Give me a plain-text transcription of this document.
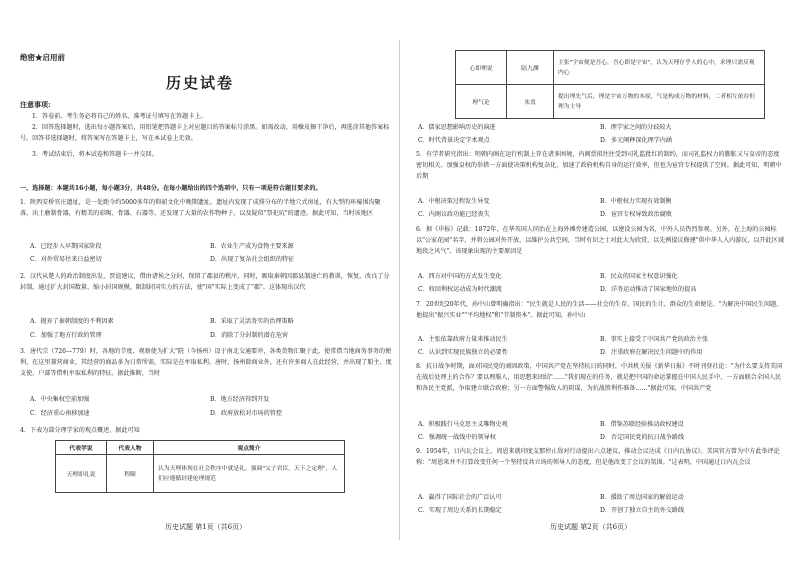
绝密★启用前
历史试卷
注意事项:
1．答卷前，考生务必将自己的姓名、准考证号填写在答题卡上。
2．回答选择题时，选出每小题答案后，用铅笔把答题卡上对应题目的答案标号涂黑。如需改动，用橡皮擦干净后，再选涂其他答案标号。回答非选择题时，将答案写在答题卡上，写在本试卷上无效。
3．考试结束后，将本试卷和答题卡一并交回。
一、选择题：本题共16小题，每小题3分，共48分。在每小题给出的四个选项中，只有一项是符合题目要求的。
1．陕西安桥官庄遗址，是一处距今约5000多年的仰韶文化中晚期遗址。遗址内发现了成排分布的半地穴式房址，有大型的环壕围沟聚落，出土磨制骨器，有精美的彩陶、骨器、石器等，还发现了大量的农作物种子，以及疑似"祭祀坑"的遗迹。据此可知，当时该地区
A．已经步入早期国家阶段	B．农业生产成为食物主要来源
C．对外贸易往来日益密切	D．出现了复杂社会组织的特征
2．汉代从楚人的政治制度出发，贾谊建议，借由诸侯之分封，保留了郡县的秩序，同时，吸取秦朝因郡县制速亡的教训，恢复、改良了分封制，通过扩大封国数量、缩小封国规模、限制封国实力的方法，使"国"实际上变成了"郡"。这体现出汉代
A．抛弃了秦朝制度的不利因素	B．采取了灵活务实的治理策略
C．加强了地方行政的管理	D．消除了分封制的潜在危害
3．唐代宗（726—779）时，各地的节度、观察使为扩大"院（今扬州）设于南北交通要冲，各类货物汇聚于此，使常借当地商务事务的便利，在这里兼营商业，其经营的商品多为日常所需，实际是在牟取私利。唐时，扬州除商业外，还有许多商人在此经营，并出现了船主、度支使、户部等借机牟取私利的特征。据此推断，当时
A．中央集权空前加强	B．地方经济得到开发
C．经济重心南移加速	D．政府放松对市场的管控
4．下表为部分理学家的观点概述，据此可知
代表学说	代表人物	观点简介
天理即礼说	程颐	认为天理体现在社会秩序中就是礼，强调"父子君臣，天下之定理"，人们应遵循封建伦理规范
历史试题 第1页（共6页）
心即理说	陆九渊	主张"宇宙便是吾心，吾心即是宇宙"，认为天理存乎人的心中，求理只需反观内心
理气论	朱熹	提出理先气后，理是宇宙万物的本原，气是构成万物的材料，二者相互依存但理为主导
A．儒家思想影响历史的演进	B．理学家之间的分歧较大
C．时代背景决定学术观点	D．多元阐释深化理学内涵
5．有学者研究指出：明朝内阁在运行机制上存在诸多困境，内阁票拟往往受到司礼监批红的制约，而司礼监权力的膨胀又与皇帝的态度密切相关。加强皇权的举措一方面使决策机构复杂化，加速了政府机构自身的运行效率，但也为宦官专权提供了空间。据此可知，明朝中后期
A．中枢决策过程发生异变	B．中枢权力实现有效制衡
C．内阁议政功能已经丧失	D．宦官专权导致政治腐败
6．据《申报》记载：1872年，在华英国人同治在上海外滩旁建造公园，以建设公园为名，中外人员热烈参观。另外，在上海的公园标以"公家花园"名字，并将公园对外开放，以维护公共空间，当时有识之士对此大为欣赏，以先例提议修建"供中华人入内游玩，以开此区域地段之风气"。该现象出现的主要原因是
A．西方对中国的方式发生变化	B．民众的国家主权意识强化
C．收回利权运动成为时代潮流	D．洋务运动推动了国家地位的提高
7．20世纪20年代，孙中山曾明确指出："民生就是人民的生活——社会的生存、国民的生计、群众的生命便是。"为解决中国民生问题，他提出"振兴实业""平均地权"和"节制资本"。据此可知，孙中山
A．主张依靠政府力量来推动民生	B．事实上接受了中国共产党的政治主张
C．认识到实现民族独立的必要性	D．注重政府在解决民生问题中的作用
8．抗日战争时期，面对国民党的顽固政策，中国共产党在坚持抗日的同时，中共机关报《新华日报》不时刊登社论："为什么要支持美国在战后处理上的合作？要以理服人，用思想来团结"……"我们现在的任务，就是把中国的命运掌握在中国人民手中，一方面联合全国人民和各民主党派，争取建立联合政府；另一方面警惕敌人的阴谋，为抗战胜利作准备……"据此可知，中国共产党
A．积极践行马克思主义唯物史观	B．借鉴苏联经验推动政权建设
C．强调统一战线中的领导权	D．否定国民党的抗日战争路线
9．1954年，日内瓦会议上，周恩来就印度支那停止敌对行动提出六点建议，推动会议达成《日内瓦协议》。美国官方曾为中方此举评论称："周恩来并不打算改变任何一个坚持反共立场的领导人的态度，但是他改变了会议的氛围。"这表明，中国通过日内瓦会议
A．赢得了国际社会的广泛认可	B．援助了周边国家的解放运动
C．实现了周边关系的长期稳定	D．开创了独立自主的外交路线
历史试题 第2页（共6页）
